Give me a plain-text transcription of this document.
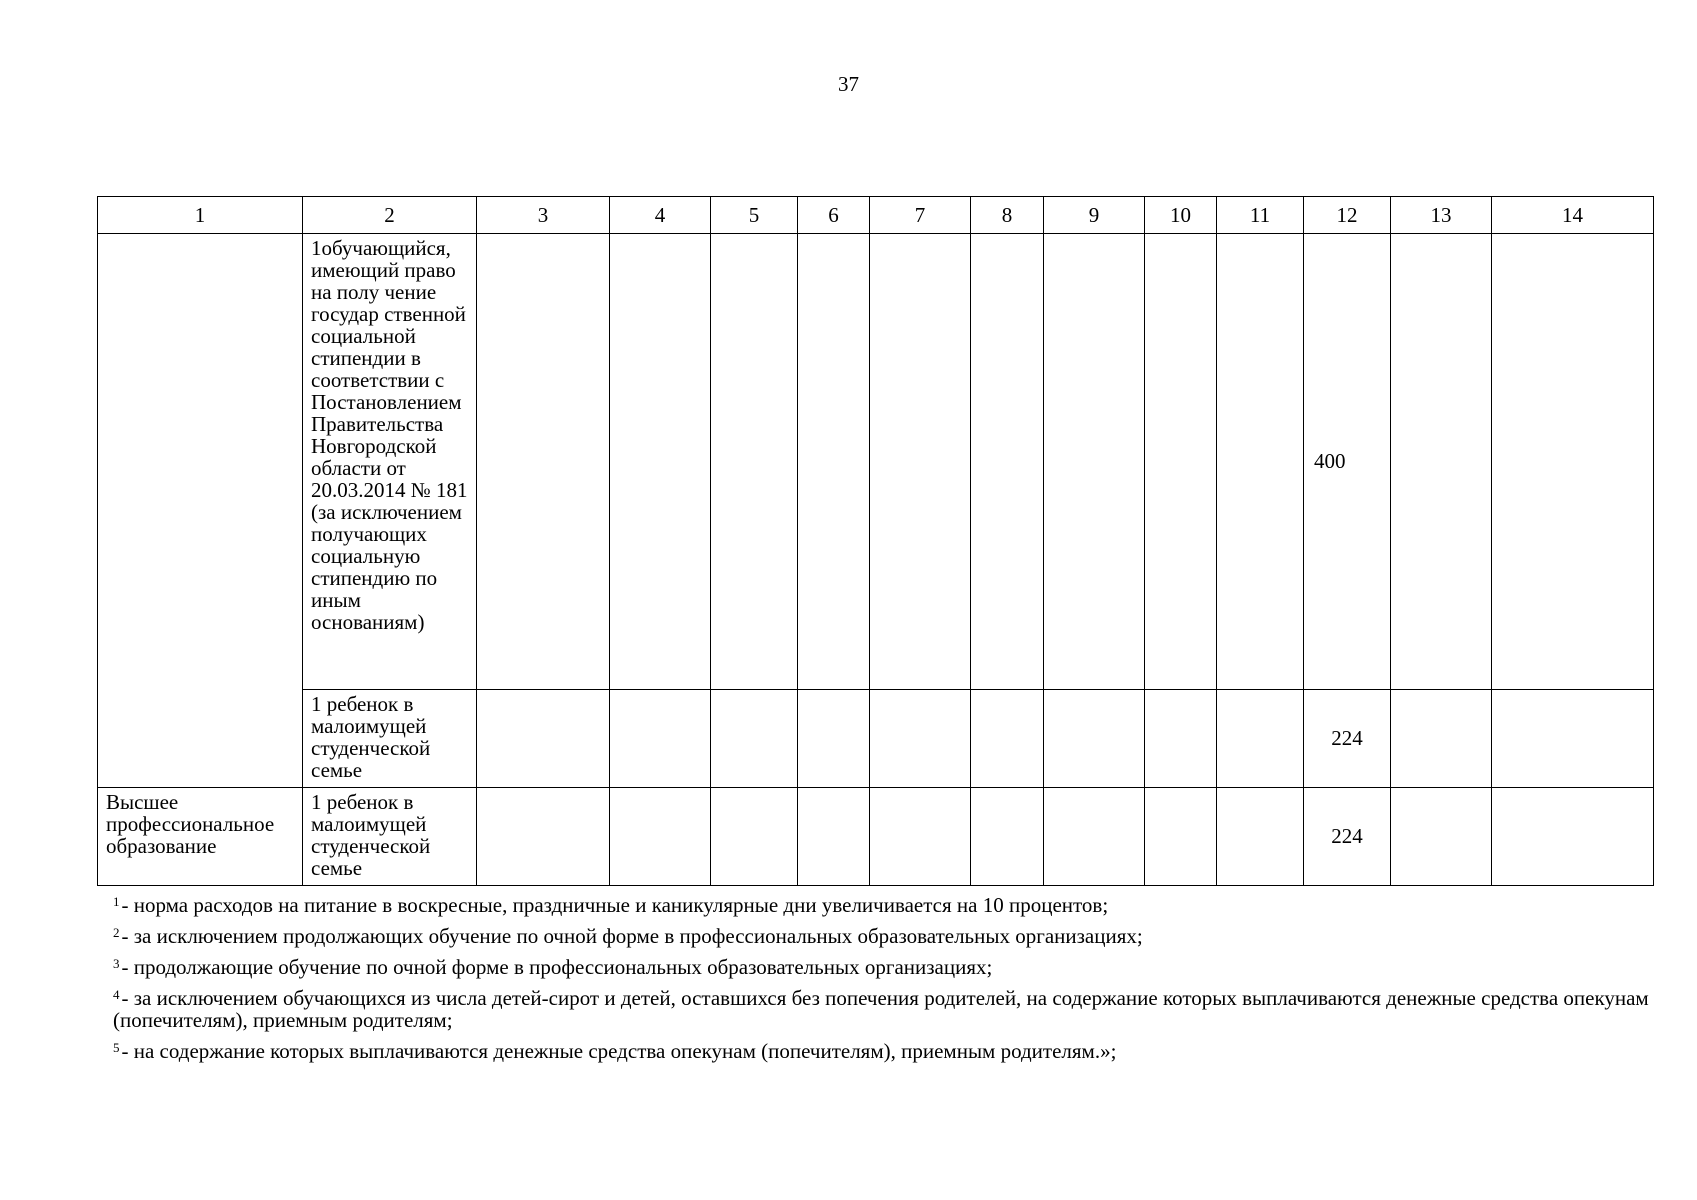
37
1	2	3	4	5	6	7	8	9	10	11	12	13	14

	1обучающийся, имеющий право на полу чение государ ственной социальной стипендии в соответствии с Постановлением Правительства Новгородской области от 20.03.2014 № 181 (за исключением получающих социальную стипендию по иным основаниям)										400		

	1 ребенок в малоимущей студенческой семье										224		

Высшее профессиональное образование	1 ребенок в малоимущей студенческой семье										224		
$^1$- норма расходов на питание в воскресные, праздничные и каникулярные дни увеличивается на 10 процентов;
$^2$- за исключением продолжающих обучение по очной форме в профессиональных образовательных организациях;
$^3$- продолжающие обучение по очной форме в профессиональных образовательных организациях;
$^4$- за исключением обучающихся из числа детей-сирот и детей, оставшихся без попечения родителей, на содержание которых выплачиваются денежные средства опекунам (попечителям), приемным родителям;
$^5$- на содержание которых выплачиваются денежные средства опекунам (попечителям), приемным родителям.»;
